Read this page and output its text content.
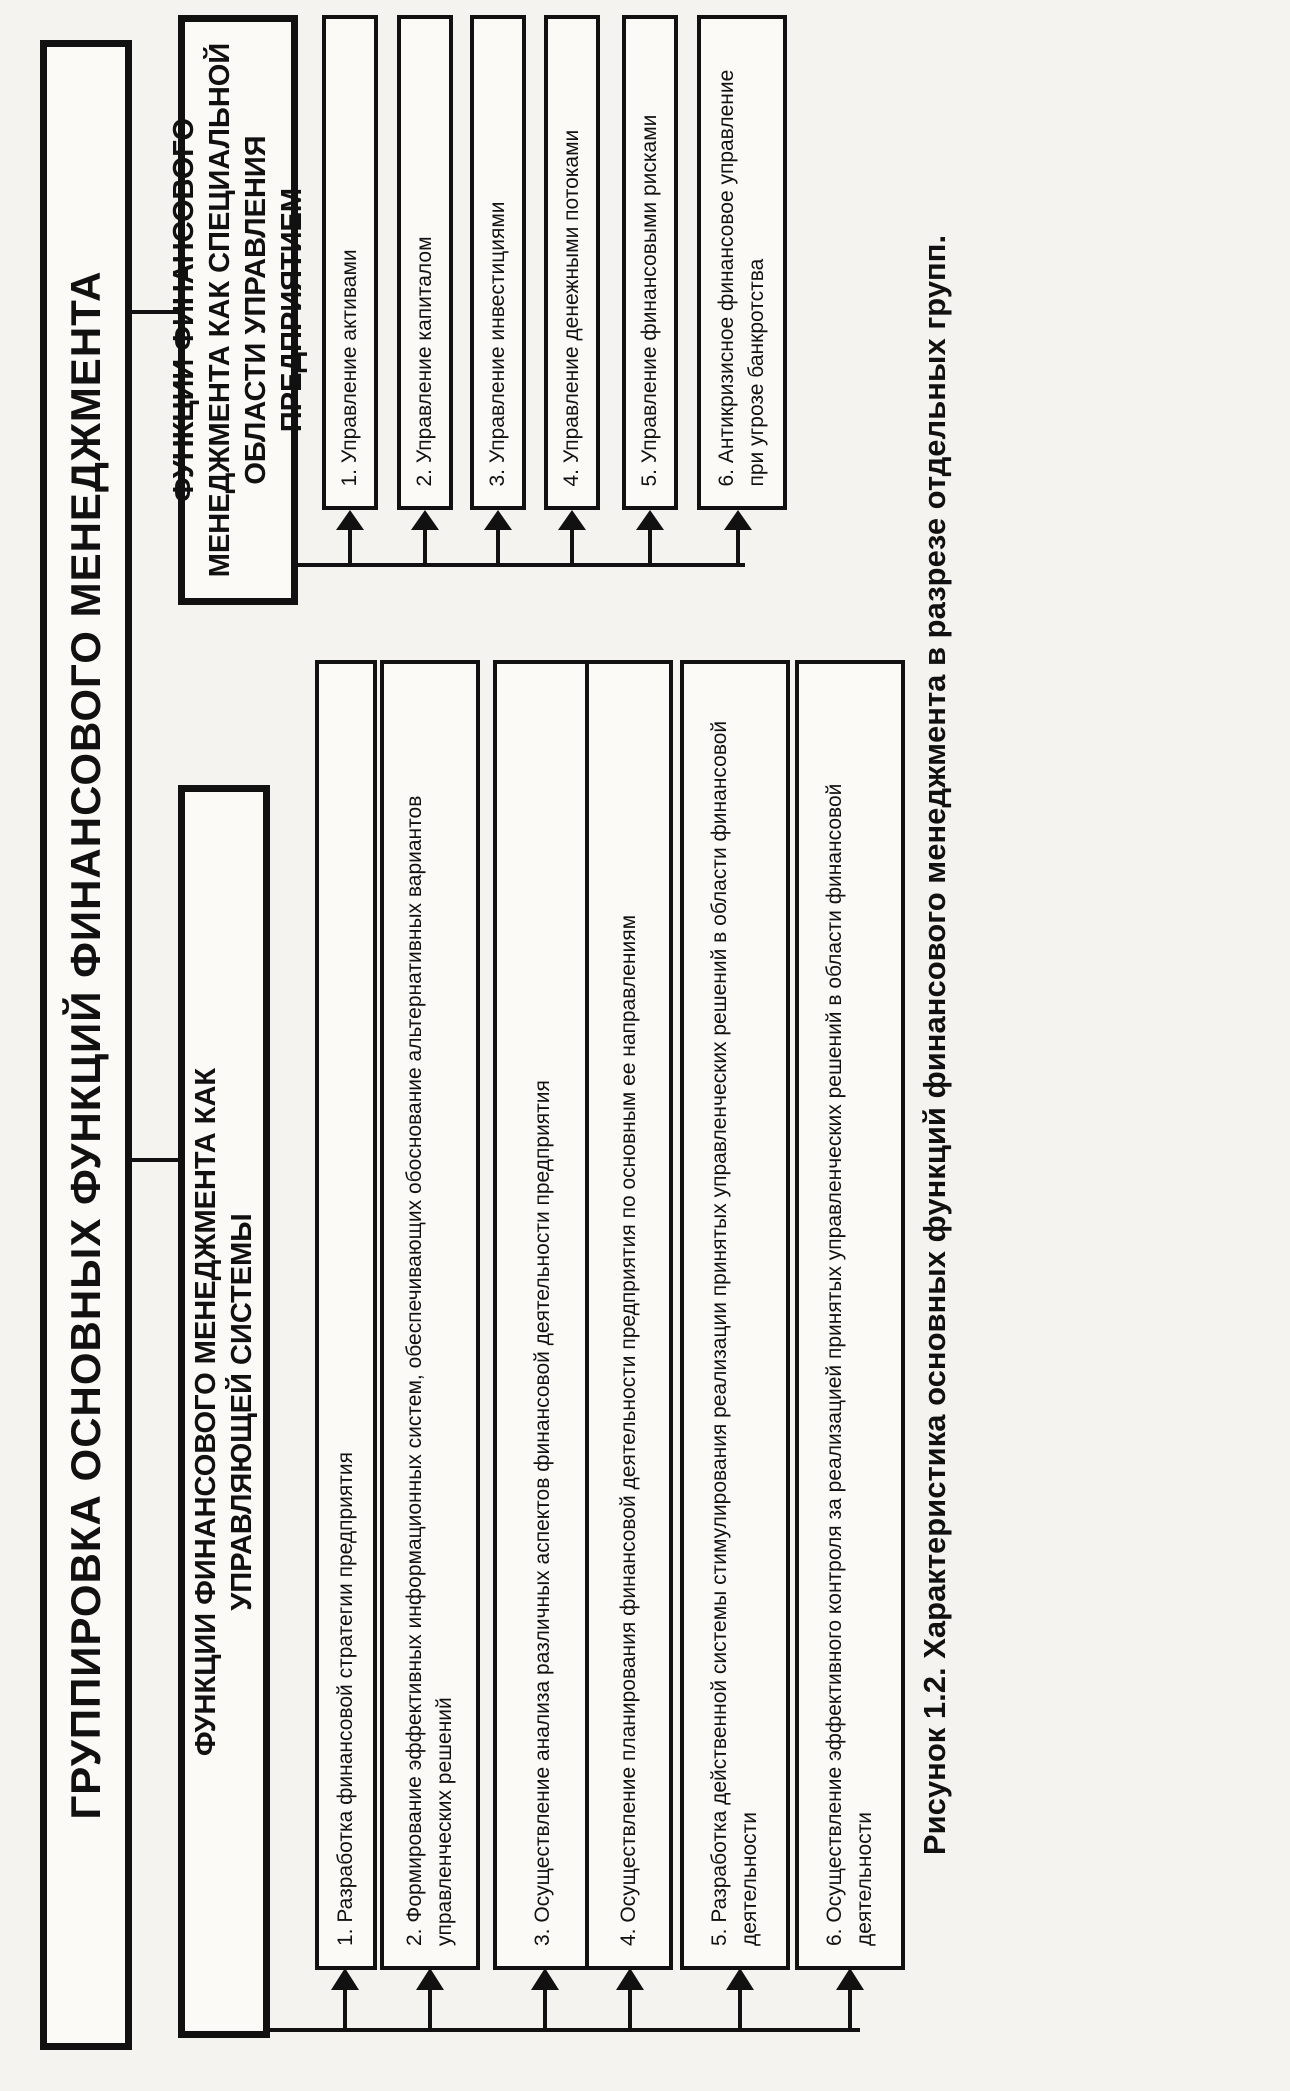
ГРУППИРОВКА ОСНОВНЫХ ФУНКЦИЙ ФИНАНСОВОГО МЕНЕДЖМЕНТА	ФУНКЦИИ ФИНАНСОВОГО МЕНЕДЖМЕНТА КАК УПРАВЛЯЮЩЕЙ СИСТЕМЫ
ФУНКЦИИ ФИНАНСОВОГО МЕНЕДЖМЕНТА КАК СПЕЦИАЛЬНОЙ ОБЛАСТИ УПРАВЛЕНИЯ ПРЕДПРИЯТИЕМ
1. Разработка финансовой стратегии предприятия 2. Формирование эффективных информационных систем, обеспечивающих обоснование альтернативных вариантов управленческих решений	3. Осуществление анализа различных аспектов финансовой деятельности предприятия	4. Осуществление планирования финансовой деятельности предприятия по основным ее направлениям	5. Разработка действенной системы стимулирования реализации принятых управленческих решений в области финансовой деятельности	6. Осуществление эффективного контроля за реализацией принятых управленческих решений в области финансовой деятельности
1. Управление активами 2. Управление капиталом 3. Управление инвестициями 4. Управление денежными потоками	5. Управление финансовыми рисками	6. Антикризисное финансовое управление при угрозе банкротства	Рисунок 1.2. Характеристика основных функций финансового менеджмента в разрезе отдельных групп.
